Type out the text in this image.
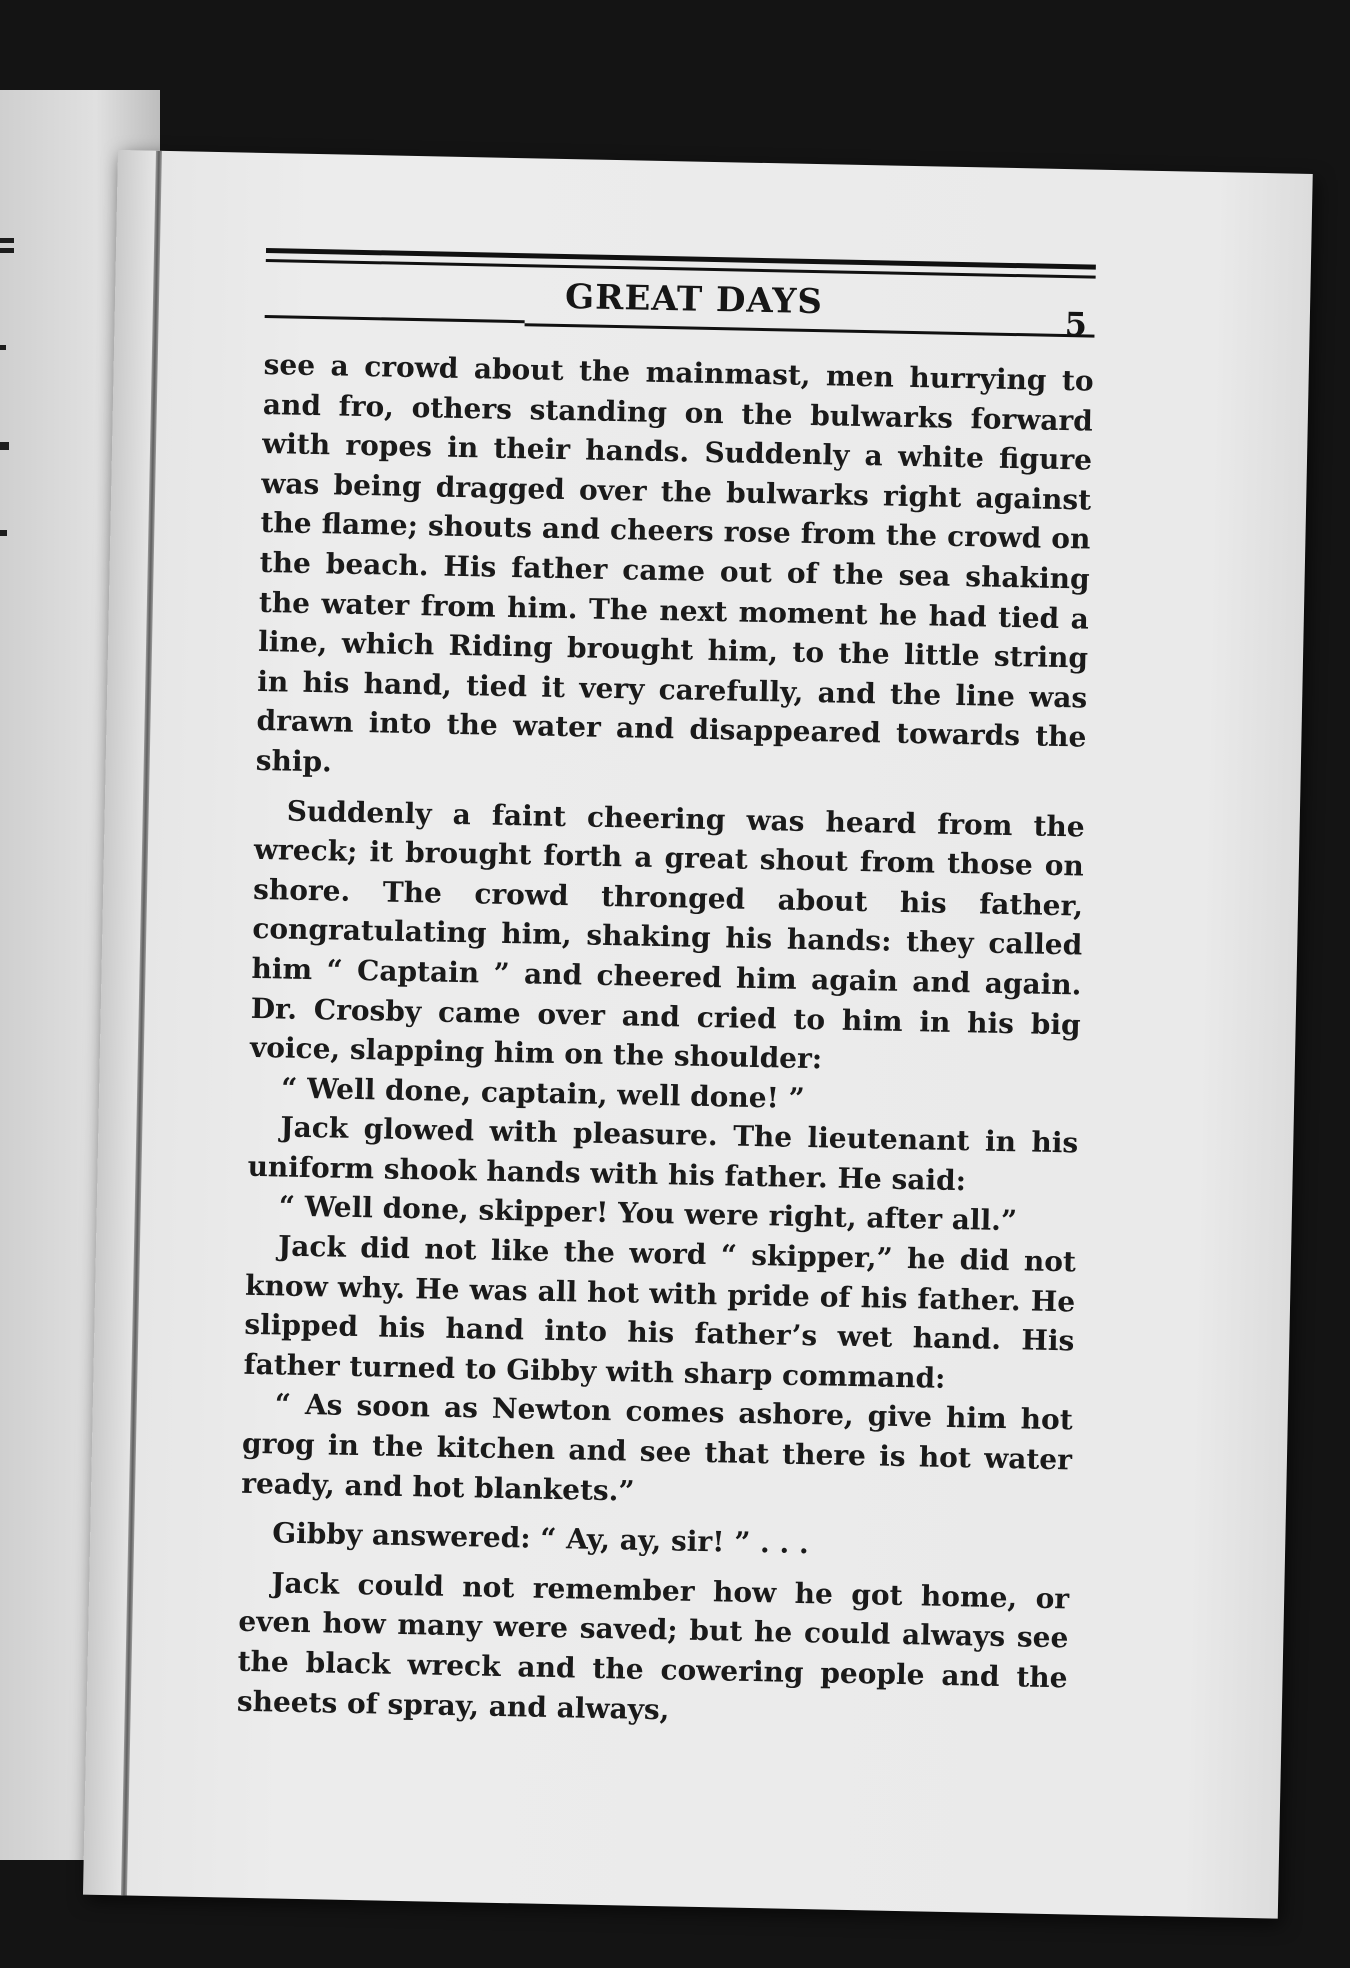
GREAT DAYS
5

see a crowd about the mainmast, men hurrying to and fro, others standing on the bulwarks forward with ropes in their hands. Suddenly a white figure was being dragged over the bulwarks right against the flame; shouts and cheers rose from the crowd on the beach. His father came out of the sea shaking the water from him. The next moment he had tied a line, which Riding brought him, to the little string in his hand, tied it very carefully, and the line was drawn into the water and disappeared towards the ship.

Suddenly a faint cheering was heard from the wreck; it brought forth a great shout from those on shore. The crowd thronged about his father, congratulating him, shaking his hands: they called him “ Captain ” and cheered him again and again. Dr. Crosby came over and cried to him in his big voice, slapping him on the shoulder:

“ Well done, captain, well done! ”

Jack glowed with pleasure. The lieutenant in his uniform shook hands with his father. He said:

“ Well done, skipper! You were right, after all.”

Jack did not like the word “ skipper,” he did not know why. He was all hot with pride of his father. He slipped his hand into his father’s wet hand. His father turned to Gibby with sharp command:

“ As soon as Newton comes ashore, give him hot grog in the kitchen and see that there is hot water ready, and hot blankets.”

Gibby answered: “ Ay, ay, sir! ” . . .

Jack could not remember how he got home, or even how many were saved; but he could always see the black wreck and the cowering people and the sheets of spray, and always,
